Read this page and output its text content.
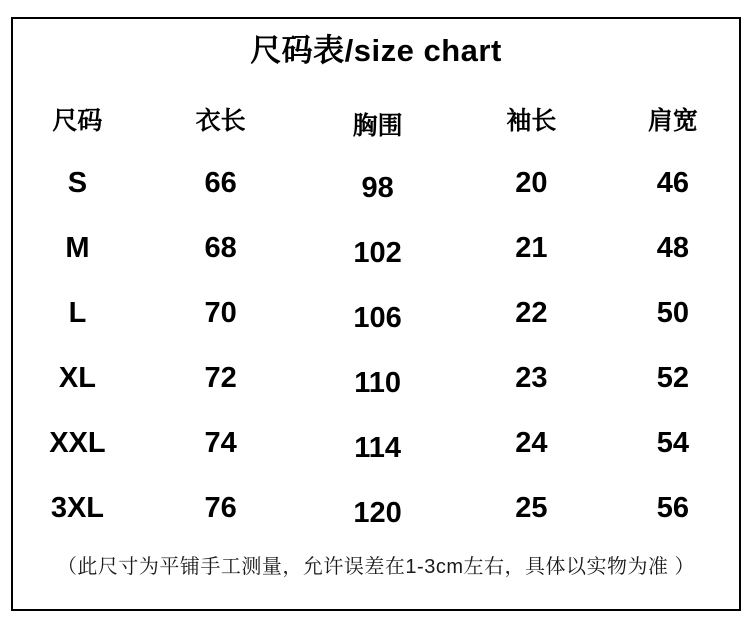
尺码表/size chart
尺码	衣长	胸围	袖长	肩宽
S	66	98	20	46
M	68	102	21	48
L	70	106	22	50
XL	72	110	23	52
XXL	74	114	24	54
3XL	76	120	25	56
（此尺寸为平铺手工测量，允许误差在1-3cm左右，具体以实物为准 ）
